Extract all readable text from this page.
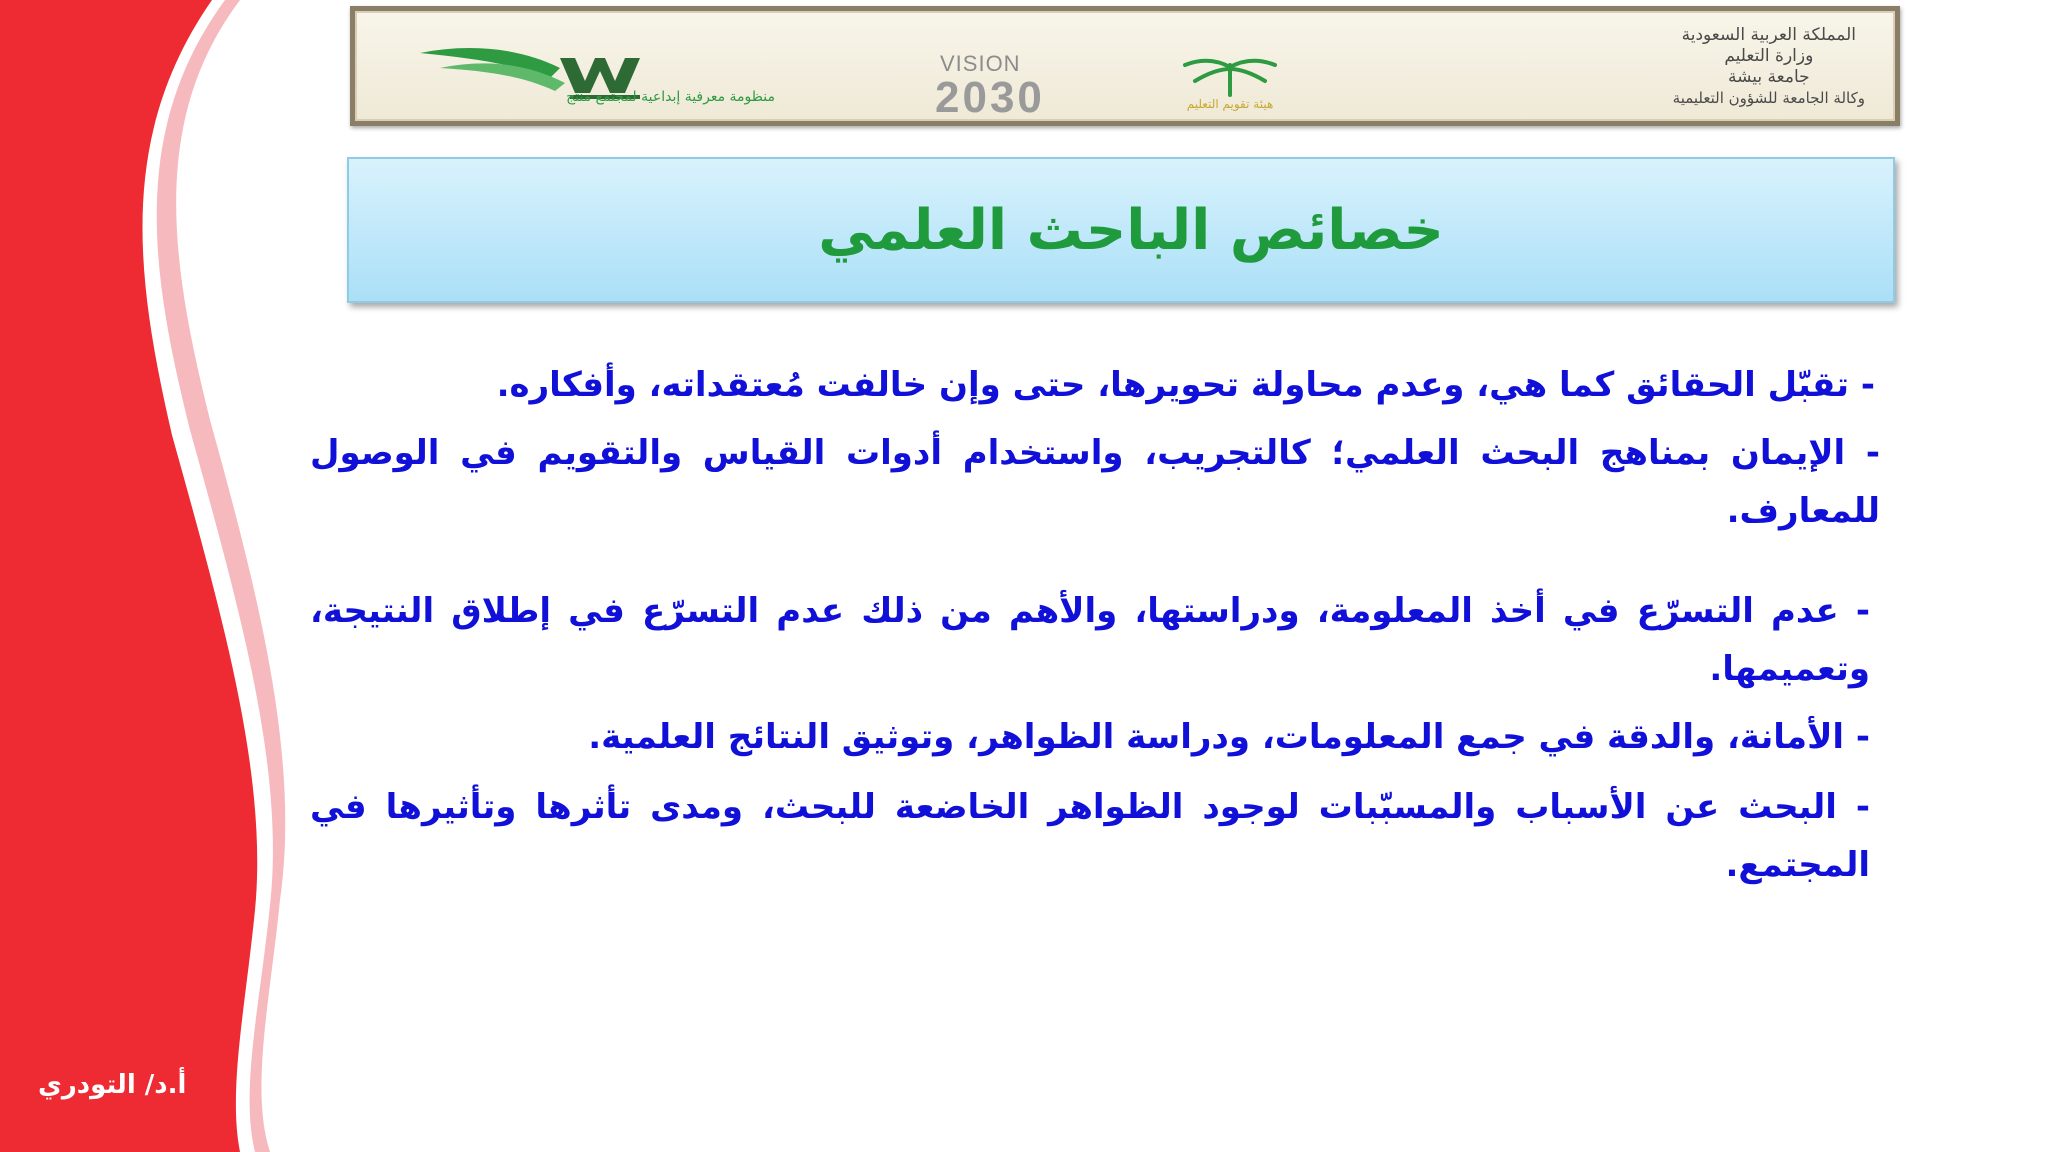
المملكة العربية السعودية
وزارة التعليم
جامعة بيشة
وكالة الجامعة للشؤون التعليمية
هيئة تقويم التعليم
VISION
2030
منظومة معرفية إبداعية لمجتمع منتج
خصائص الباحث العلمي

- تقبّل الحقائق كما هي، وعدم محاولة تحويرها، حتى وإن خالفت مُعتقداته، وأفكاره.

- الإيمان بمناهج البحث العلمي؛ كالتجريب، واستخدام أدوات القياس والتقويم في الوصول للمعارف.

- عدم التسرّع في أخذ المعلومة، ودراستها، والأهم من ذلك عدم التسرّع في إطلاق النتيجة، وتعميمها.

- الأمانة، والدقة في جمع المعلومات، ودراسة الظواهر، وتوثيق النتائج العلمية.

- البحث عن الأسباب والمسبّبات لوجود الظواهر الخاضعة للبحث، ومدى تأثرها وتأثيرها في المجتمع.

أ.د/ التودري
